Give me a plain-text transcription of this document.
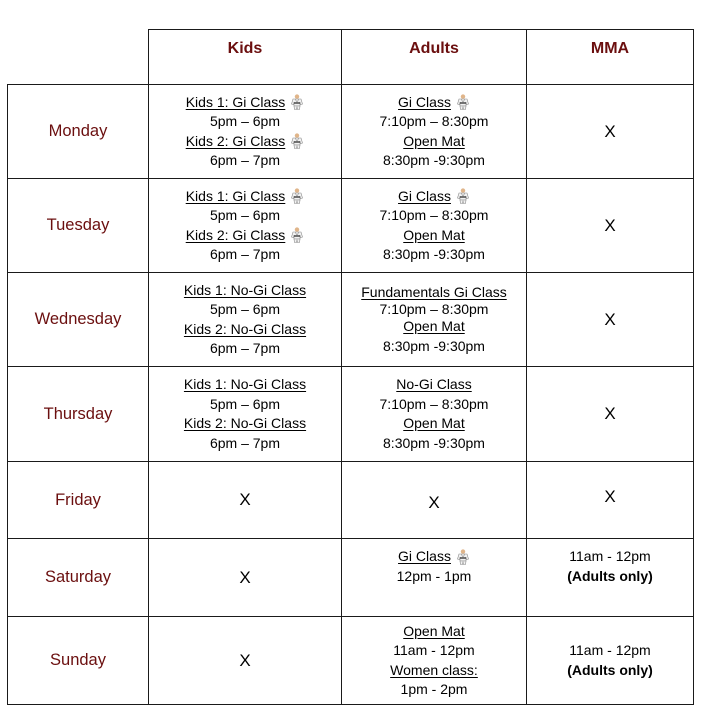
	Kids	Adults	MMA
Monday	Kids 1: Gi Class
5pm – 6pm
Kids 2: Gi Class
6pm – 7pm	Gi Class
7:10pm – 8:30pm
Open Mat
8:30pm -9:30pm	X
Tuesday	Kids 1: Gi Class
5pm – 6pm
Kids 2: Gi Class
6pm – 7pm	Gi Class
7:10pm – 8:30pm
Open Mat
8:30pm -9:30pm	X
Wednesday	Kids 1: No-Gi Class
5pm – 6pm
Kids 2: No-Gi Class
6pm – 7pm	Fundamentals Gi Class
7:10pm – 8:30pm
Open Mat
8:30pm -9:30pm	X
Thursday	Kids 1: No-Gi Class
5pm – 6pm
Kids 2: No-Gi Class
6pm – 7pm	No-Gi Class
7:10pm – 8:30pm
Open Mat
8:30pm -9:30pm	X
Friday	X	X	X
Saturday	X	Gi Class
12pm - 1pm	11am - 12pm
(Adults only)

Sunday	X	Open Mat
11am - 12pm
Women class:
1pm - 2pm	11am - 12pm
(Adults only)
